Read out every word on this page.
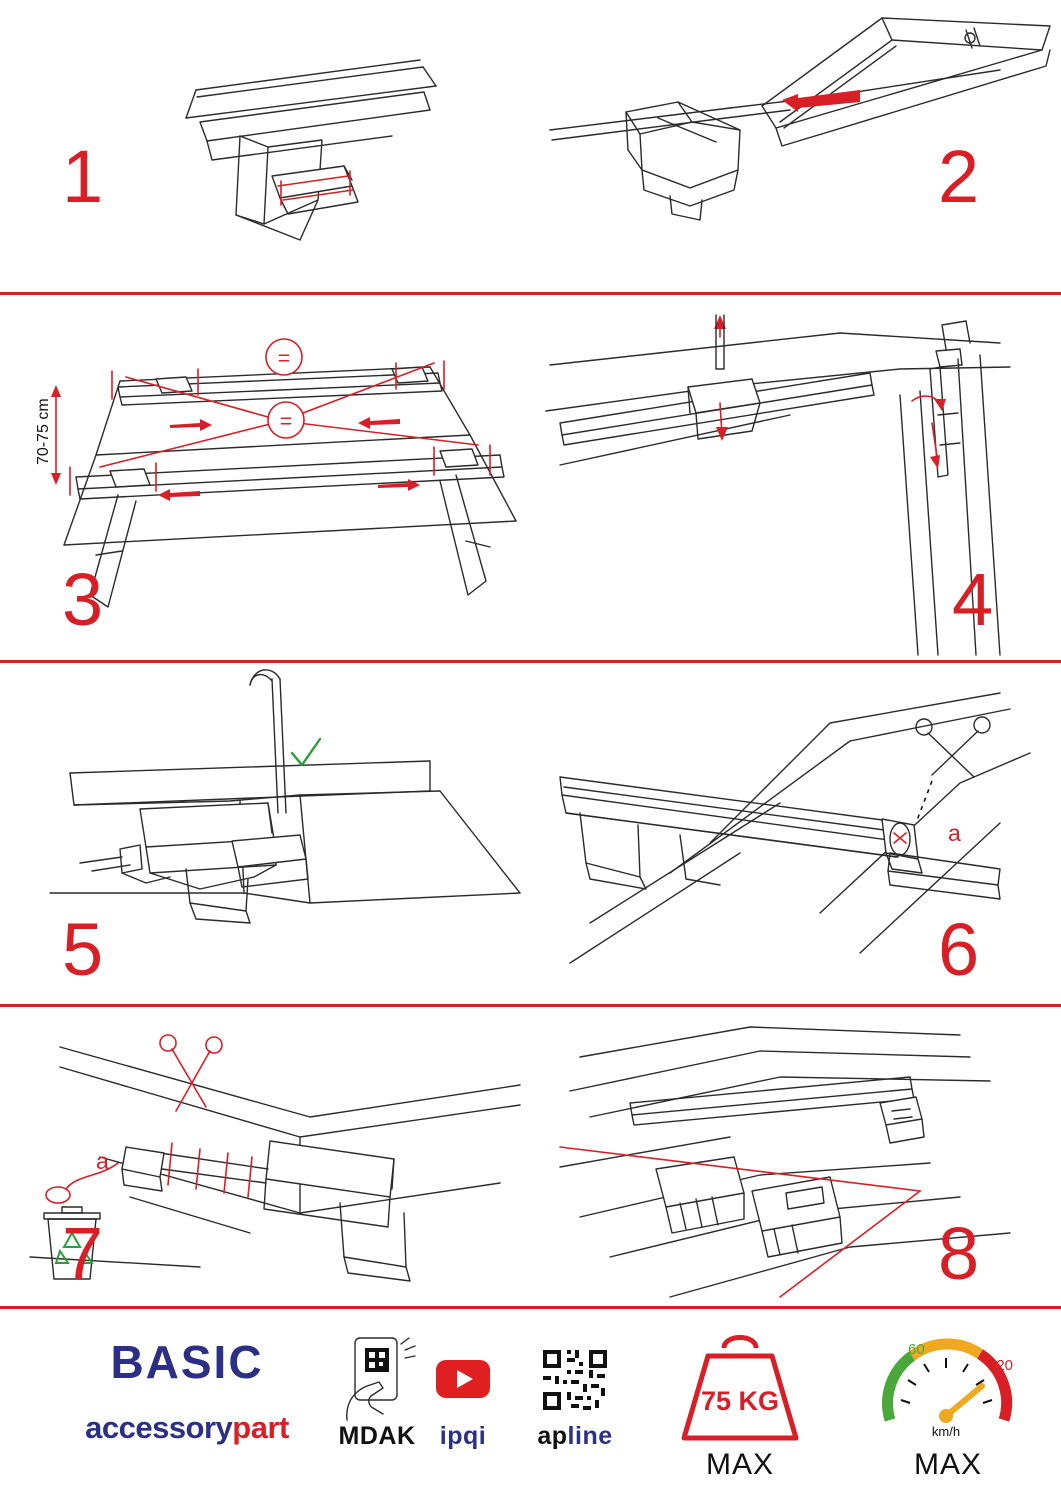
1	2
=
=
70-75 cm
3	4
5
a
6
a
7	8
BASIC
accessorypart	MDAK ipqi	apline
75 KG
MAX
60
120
km/h
MAX
